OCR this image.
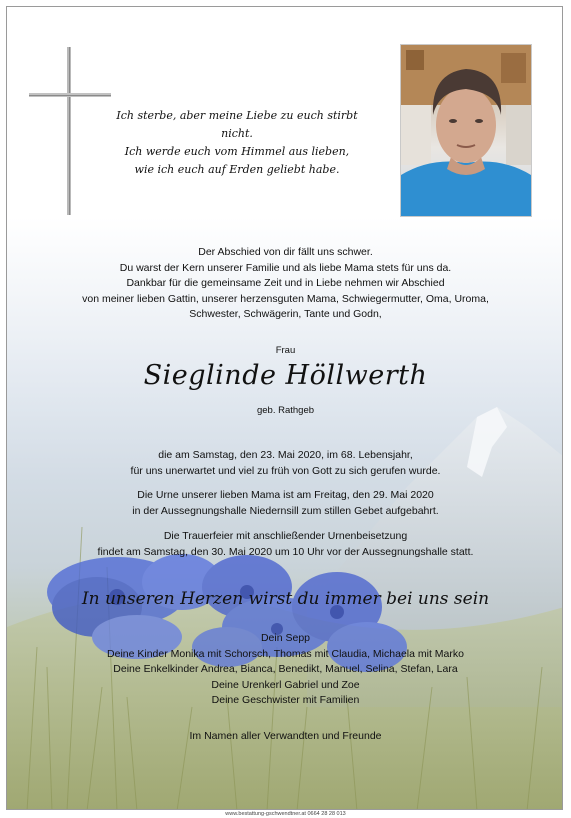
Ich sterbe, aber meine Liebe zu euch stirbt nicht.
Ich werde euch vom Himmel aus lieben,
wie ich euch auf Erden geliebt habe.
Der Abschied von dir fällt uns schwer.
Du warst der Kern unserer Familie und als liebe Mama stets für uns da.
Dankbar für die gemeinsame Zeit und in Liebe nehmen wir Abschied
von meiner lieben Gattin, unserer herzensguten Mama, Schwiegermutter, Oma, Uroma,
Schwester, Schwägerin, Tante und Godn,
Frau
Sieglinde Höllwerth
geb. Rathgeb
die am Samstag, den 23. Mai 2020, im 68. Lebensjahr,
für uns unerwartet und viel zu früh von Gott zu sich gerufen wurde.
Die Urne unserer lieben Mama ist am Freitag, den 29. Mai 2020
in der Aussegnungshalle Niedernsill zum stillen Gebet aufgebahrt.
Die Trauerfeier mit anschließender Urnenbeisetzung
findet am Samstag, den 30. Mai 2020 um 10 Uhr vor der Aussegnungshalle statt.
In unseren Herzen wirst du immer bei uns sein
Dein Sepp
Deine Kinder Monika mit Schorsch, Thomas mit Claudia, Michaela mit Marko
Deine Enkelkinder Andrea, Bianca, Benedikt, Manuel, Selina, Stefan, Lara
Deine Urenkerl Gabriel und Zoe
Deine Geschwister mit Familien
Im Namen aller Verwandten und Freunde
www.bestattung-gschwendtner.at 0664 28 28 013
